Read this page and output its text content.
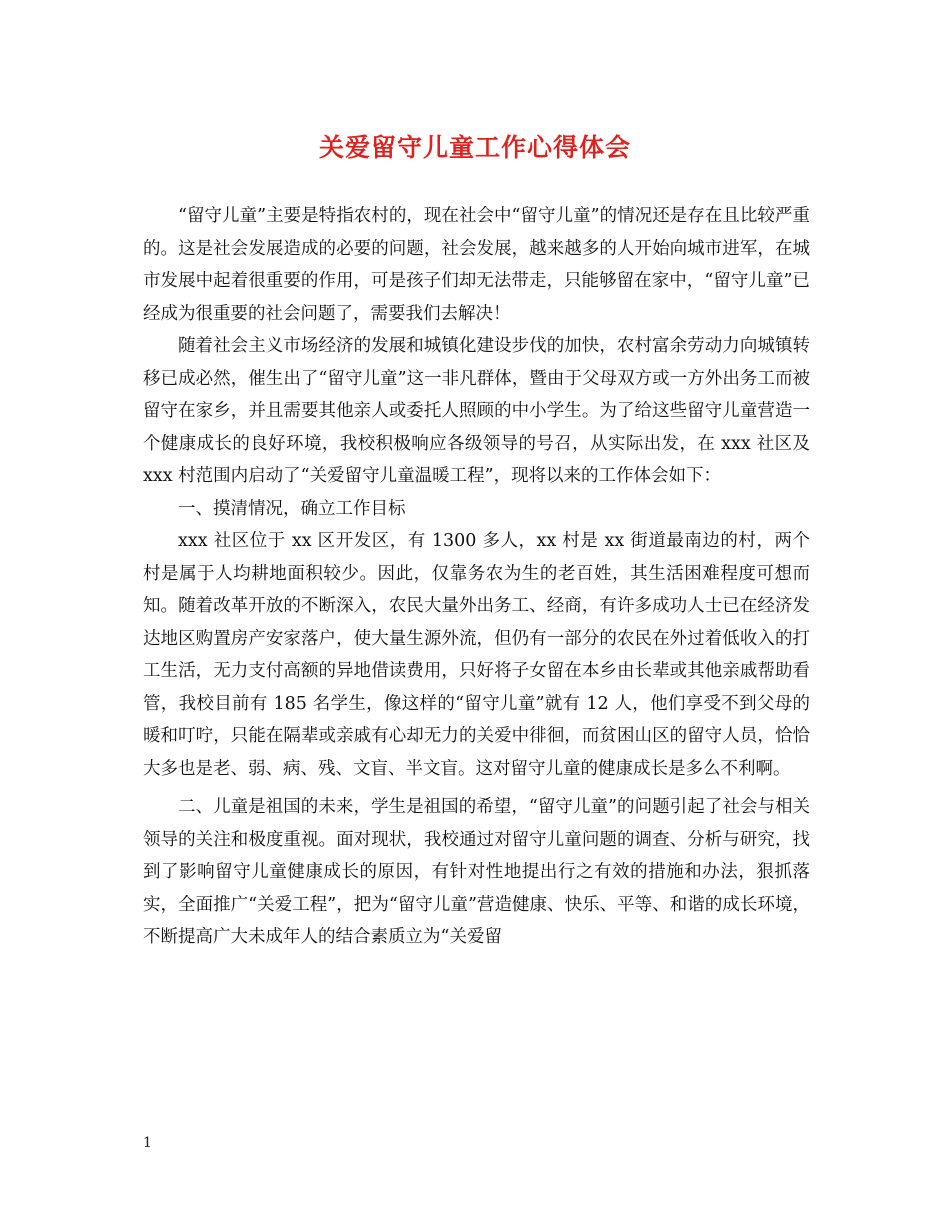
关爱留守儿童工作心得体会

“留守儿童”主要是特指农村的，现在社会中“留守儿童”的情况还是存在且比较严重的。这是社会发展造成的必要的问题，社会发展，越来越多的人开始向城市进军，在城市发展中起着很重要的作用，可是孩子们却无法带走，只能够留在家中，“留守儿童”已经成为很重要的社会问题了，需要我们去解决！

随着社会主义市场经济的发展和城镇化建设步伐的加快，农村富余劳动力向城镇转移已成必然，催生出了“留守儿童”这一非凡群体，暨由于父母双方或一方外出务工而被留守在家乡，并且需要其他亲人或委托人照顾的中小学生。为了给这些留守儿童营造一个健康成长的良好环境，我校积极响应各级领导的号召，从实际出发，在 xxx 社区及 xxx 村范围内启动了“关爱留守儿童温暖工程”，现将以来的工作体会如下：

一、摸清情况，确立工作目标

xxx 社区位于 xx 区开发区，有 1300 多人，xx 村是 xx 街道最南边的村，两个村是属于人均耕地面积较少。因此，仅靠务农为生的老百姓，其生活困难程度可想而知。随着改革开放的不断深入，农民大量外出务工、经商，有许多成功人士已在经济发达地区购置房产安家落户，使大量生源外流，但仍有一部分的农民在外过着低收入的打工生活，无力支付高额的异地借读费用，只好将子女留在本乡由长辈或其他亲戚帮助看管，我校目前有 185 名学生，像这样的“留守儿童”就有 12 人，他们享受不到父母的暖和叮咛，只能在隔辈或亲戚有心却无力的关爱中徘徊，而贫困山区的留守人员，恰恰大多也是老、弱、病、残、文盲、半文盲。这对留守儿童的健康成长是多么不利啊。

二、儿童是祖国的未来，学生是祖国的希望，“留守儿童”的问题引起了社会与相关领导的关注和极度重视。面对现状，我校通过对留守儿童问题的调查、分析与研究，找到了影响留守儿童健康成长的原因，有针对性地提出行之有效的措施和办法，狠抓落实，全面推广“关爱工程”，把为“留守儿童”营造健康、快乐、平等、和谐的成长环境，不断提高广大未成年人的结合素质立为“关爱留

1
